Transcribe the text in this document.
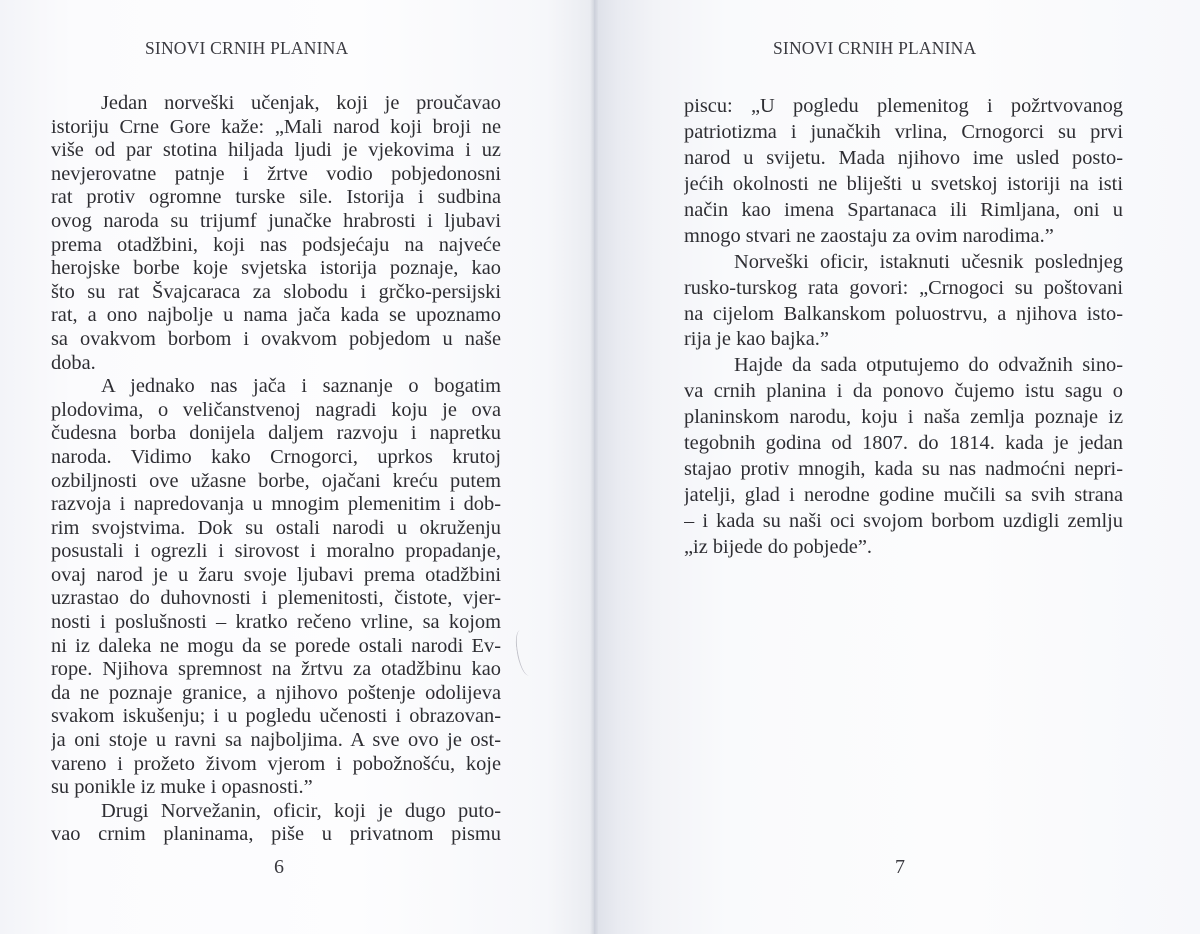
SINOVI CRNIH PLANINA
6
SINOVI CRNIH PLANINA
7
Jedan norveški učenjak, koji je proučavao
istoriju Crne Gore kaže: „Mali narod koji broji ne
više od par stotina hiljada ljudi je vjekovima i uz
nevjerovatne patnje i žrtve vodio pobjedonosni
rat protiv ogromne turske sile. Istorija i sudbina
ovog naroda su trijumf junačke hrabrosti i ljubavi
prema otadžbini, koji nas podsjećaju na najveće
herojske borbe koje svjetska istorija poznaje, kao
što su rat Švajcaraca za slobodu i grčko-persijski
rat, a ono najbolje u nama jača kada se upoznamo
sa ovakvom borbom i ovakvom pobjedom u naše
doba.
A jednako nas jača i saznanje o bogatim
plodovima, o veličanstvenoj nagradi koju je ova
čudesna borba donijela daljem razvoju i napretku
naroda. Vidimo kako Crnogorci, uprkos krutoj
ozbiljnosti ove užasne borbe, ojačani kreću putem
razvoja i napredovanja u mnogim plemenitim i dob-
rim svojstvima. Dok su ostali narodi u okruženju
posustali i ogrezli i sirovost i moralno propadanje,
ovaj narod je u žaru svoje ljubavi prema otadžbini
uzrastao do duhovnosti i plemenitosti, čistote, vjer-
nosti i poslušnosti – kratko rečeno vrline, sa kojom
ni iz daleka ne mogu da se porede ostali narodi Ev-
rope. Njihova spremnost na žrtvu za otadžbinu kao
da ne poznaje granice, a njihovo poštenje odolijeva
svakom iskušenju; i u pogledu učenosti i obrazovan-
ja oni stoje u ravni sa najboljima. A sve ovo je ost-
vareno i prožeto živom vjerom i pobožnošću, koje
su ponikle iz muke i opasnosti.”
Drugi Norvežanin, oficir, koji je dugo puto-
vao crnim planinama, piše u privatnom pismu
piscu: „U pogledu plemenitog i požrtvovanog
patriotizma i junačkih vrlina, Crnogorci su prvi
narod u svijetu. Mada njihovo ime usled posto-
jećih okolnosti ne bliješti u svetskoj istoriji na isti
način kao imena Spartanaca ili Rimljana, oni u
mnogo stvari ne zaostaju za ovim narodima.”
Norveški oficir, istaknuti učesnik poslednjeg
rusko-turskog rata govori: „Crnogoci su poštovani
na cijelom Balkanskom poluostrvu, a njihova isto-
rija je kao bajka.”
Hajde da sada otputujemo do odvažnih sino-
va crnih planina i da ponovo čujemo istu sagu o
planinskom narodu, koju i naša zemlja poznaje iz
tegobnih godina od 1807. do 1814. kada je jedan
stajao protiv mnogih, kada su nas nadmoćni nepri-
jatelji, glad i nerodne godine mučili sa svih strana
– i kada su naši oci svojom borbom uzdigli zemlju
„iz bijede do pobjede”.
